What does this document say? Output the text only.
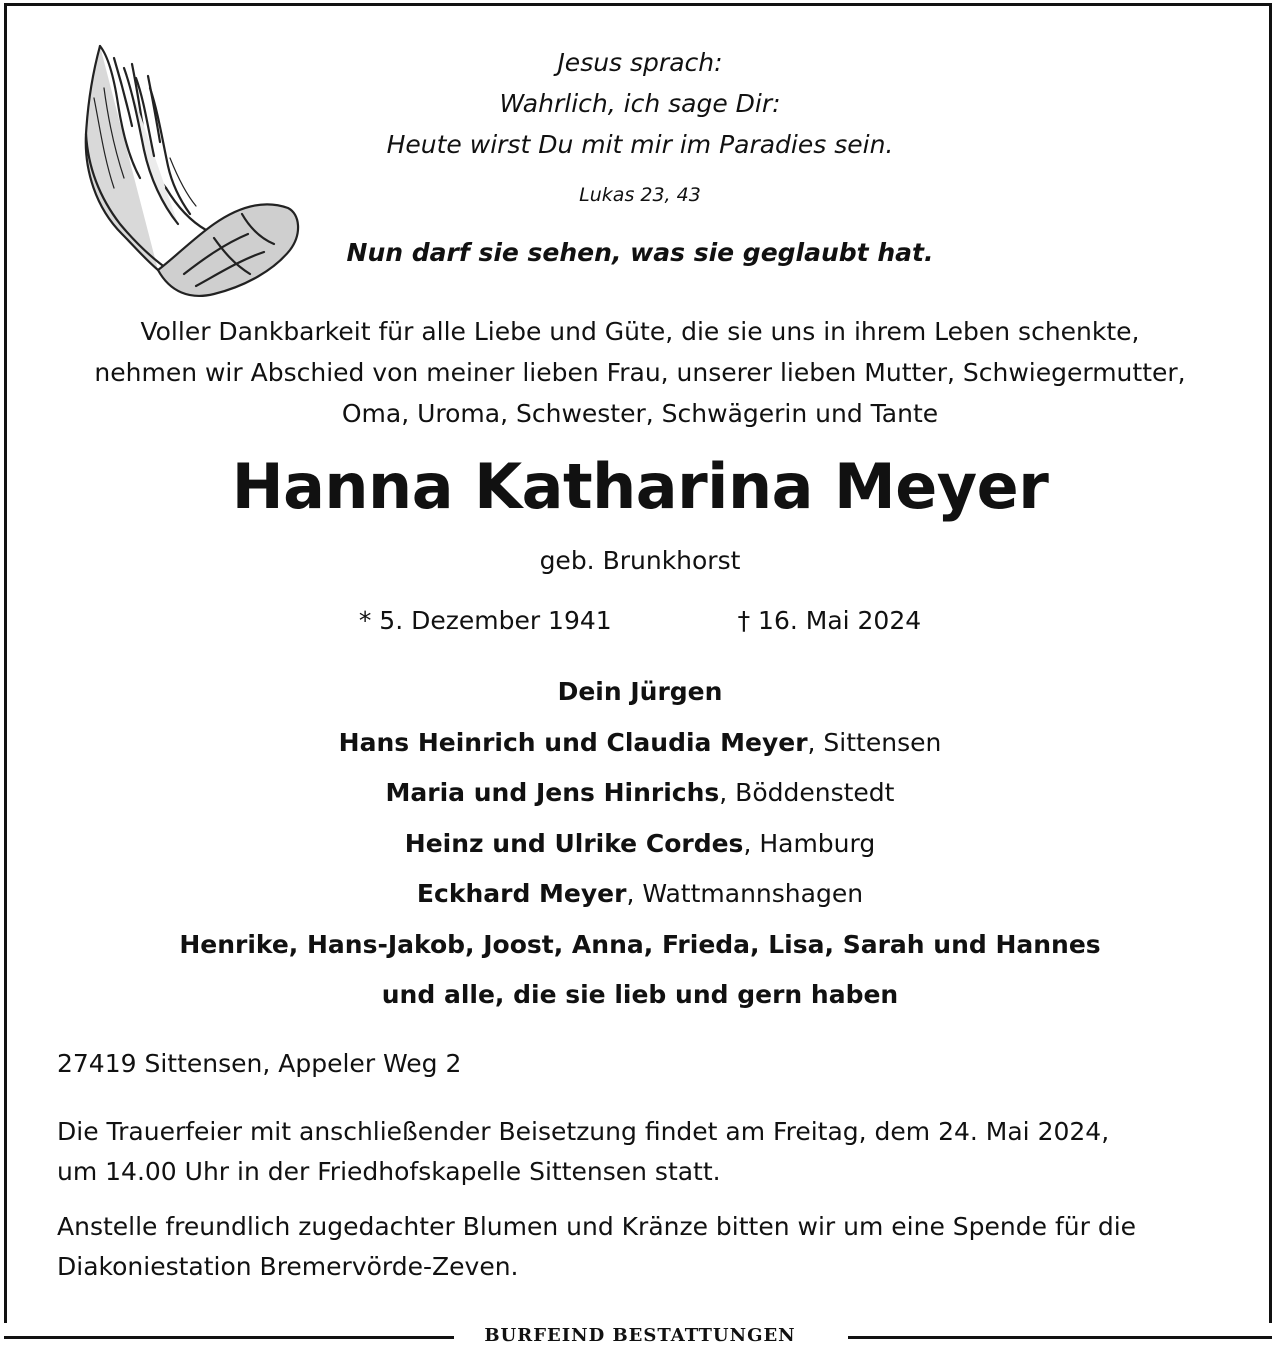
Jesus sprach:
Wahrlich, ich sage Dir:
Heute wirst Du mit mir im Paradies sein.
Lukas 23, 43
Nun darf sie sehen, was sie geglaubt hat.
Voller Dankbarkeit für alle Liebe und Güte, die sie uns in ihrem Leben schenkte,
nehmen wir Abschied von meiner lieben Frau, unserer lieben Mutter, Schwiegermutter,
Oma, Uroma, Schwester, Schwägerin und Tante
Hanna Katharina Meyer
geb. Brunkhorst
* 5. Dezember 1941	† 16. Mai 2024
Dein Jürgen
Hans Heinrich und Claudia Meyer, Sittensen
Maria und Jens Hinrichs, Böddenstedt
Heinz und Ulrike Cordes, Hamburg
Eckhard Meyer, Wattmannshagen
Henrike, Hans-Jakob, Joost, Anna, Frieda, Lisa, Sarah und Hannes
und alle, die sie lieb und gern haben
27419 Sittensen, Appeler Weg 2
Die Trauerfeier mit anschließender Beisetzung findet am Freitag, dem 24. Mai 2024,
um 14.00 Uhr in der Friedhofskapelle Sittensen statt.
Anstelle freundlich zugedachter Blumen und Kränze bitten wir um eine Spende für die
Diakoniestation Bremervörde-Zeven.
BURFEIND BESTATTUNGEN
